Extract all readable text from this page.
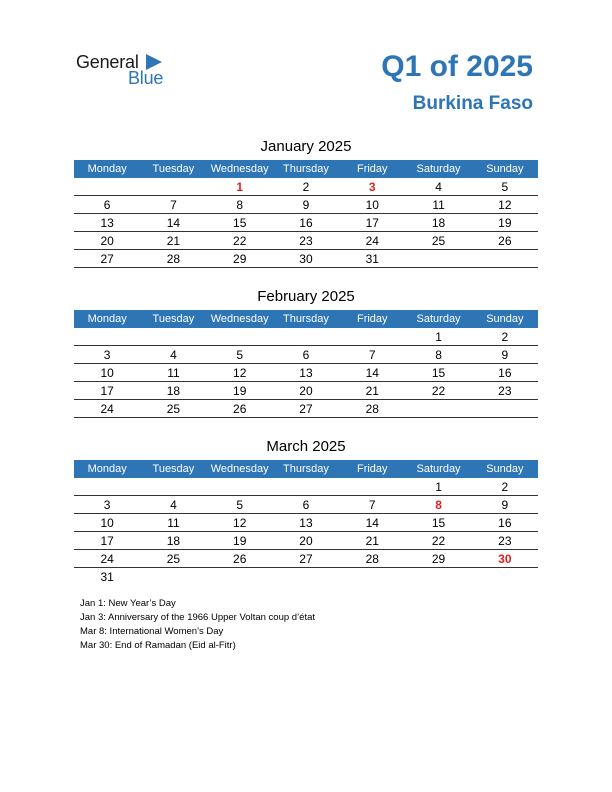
General
Blue	Q1 of 2025
Burkina Faso
January 2025
Monday	Tuesday	Wednesday	Thursday	Friday	Saturday	Sunday
		1	2	3	4	5
6	7	8	9	10	11	12
13	14	15	16	17	18	19
20	21	22	23	24	25	26
27	28	29	30	31		
February 2025
Monday	Tuesday	Wednesday	Thursday	Friday	Saturday	Sunday
					1	2
3	4	5	6	7	8	9
10	11	12	13	14	15	16
17	18	19	20	21	22	23
24	25	26	27	28		
March 2025
Monday	Tuesday	Wednesday	Thursday	Friday	Saturday	Sunday
					1	2
3	4	5	6	7	8	9
10	11	12	13	14	15	16
17	18	19	20	21	22	23
24	25	26	27	28	29	30
31						
Jan 1: New Year’s Day
Jan 3: Anniversary of the 1966 Upper Voltan coup d’état
Mar 8: International Women’s Day
Mar 30: End of Ramadan (Eid al-Fitr)
